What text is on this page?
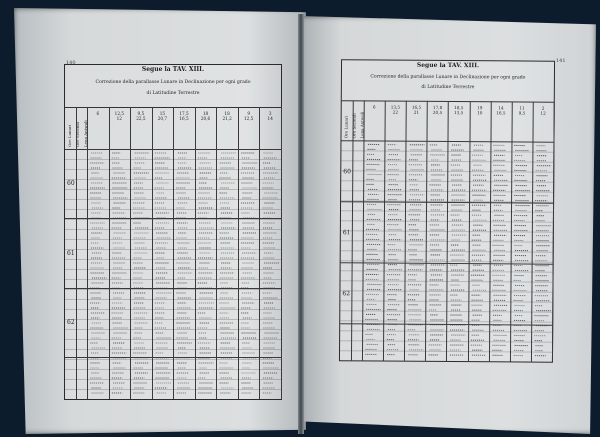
140
Segue la TAV. XIII.
Correzione della parallasse Lunare in Declinazione per ogni grado
di Latitudine Terrestre
6	12,5
12
9,5
22,5
15
20,7
17,5
16,5
18
20,6
18
21,2
9
12,5
3
14
Ore Lunari Ore Secondi Lena Antwali
60
61
62
141
Segue la TAV. XIII.
Correzione della parallasse Lunare in Declinazione per ogni grado
di Latitudine Terrestre
6	13,5
22
16,5
21
17,8
20,5
18,5
13,5
19
10
14
16,5
11
9,5
2
12
Ore Lunari Ore Secondi Lena Antwali
60
61
62
